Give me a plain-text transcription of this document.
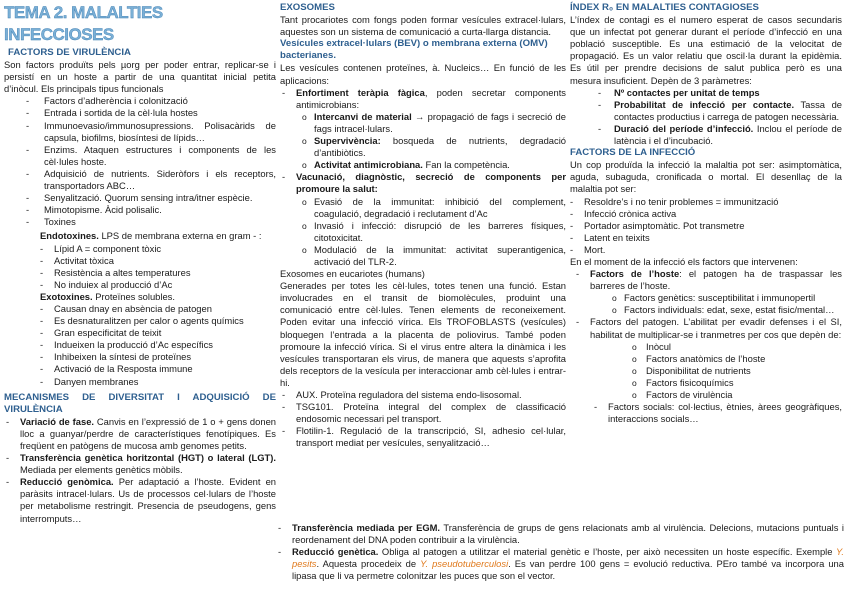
TEMA 2. MALALTIES INFECCIOSES

FACTORS DE VIRULÈNCIA

Son factors produïts pels µorg per poder entrar, replicar-se i persistí en un hoste a partir de una quantitat inicial petita d’inòcul. Els principals tipus funcionals

- Factors d’adherència i colonització
- Entrada i sortida de la cèl·lula hostes
- Immunoevasio/immunosupressions. Polisacàrids de capsula, biofilms, biosíntesi de lípids…
- Enzims. Ataquen estructures i components de les cèl·lules hoste.
- Adquisició de nutrients. Sideròfors i els receptors, transportadors ABC…
- Senyalització. Quorum sensing intra/itner espècie.
- Mimotopisme. Àcid polisalic.
- Toxines

Endotoxines. LPS de membrana externa en gram - :

- Lípid A = component tòxic
- Activitat tòxica
- Resistència a altes temperatures
- No induiex al producció d’Ac

Exotoxines. Proteïnes solubles.

- Causan dnay en absència de patogen
- Es desnaturalitzen per calor o agents químics
- Gran especificitat de teixit
- Indueixen la producció d’Ac específics
- Inhibeixen la síntesi de proteïnes
- Activació de la Resposta immune
- Danyen membranes

MECANISMES DE DIVERSITAT I ADQUISICIÓ DE VIRULÈNCIA

- Variació de fase. Canvis en l’expressió de 1 o + gens donen lloc a guanyar/perdre de característiques fenotípiques. Es freqüent en patògens de mucosa amb genomes petits.
- Transferència genètica horitzontal (HGT) o lateral (LGT). Mediada per elements genètics mòbils.
- Reducció genòmica. Per adaptació a l’hoste. Evident en paràsits intracel·lulars. Us de processos cel·lulars de l’hoste per metabolisme restringit. Presencia de pseudogens, gens interromputs…

EXOSOMES

Tant procariotes com fongs poden formar vesícules extracel·lulars, aquestes son un sistema de comunicació a curta-llarga distancia.

Vesícules extracel·lulars (BEV) o membrana externa (OMV) bacterianes.

Les vesícules contenen proteïnes, à. Nucleics… En funció de les aplicacions:

- Enfortiment teràpia fàgica, poden secretar components antimicrobians:
o Intercanvi de material → propagació de fags i secreció de fags intracel·lulars.
o Supervivència: bosqueda de nutrients, degradació d’antibiòtics.
o Activitat antimicrobiana. Fan la competència.
- Vacunació, diagnòstic, secreció de components per promoure la salut:
o Evasió de la immunitat: inhibició del complement, coagulació, degradació i reclutament d’Ac
o Invasió i infecció: disrupció de les barreres físiques, citotoxicitat.
o Modulació de la immunitat: activitat superantigenica, activació del TLR-2.

Exosomes en eucariotes (humans)

Generades per totes les cèl·lules, totes tenen una funció. Estan involucrades en el transit de biomolècules, produint una comunicació entre cèl·lules. Tenen elements de reconeixement. Poden evitar una infecció vírica. Els TROFOBLASTS (vesícules) bloquegen l’entrada a la placenta de poliovirus. També poden promoure la infecció vírica. Si el virus entre altera la dinàmica i les vesícules transportaran els virus, de manera que aquests s’aprofita dels receptors de la vesícula per interaccionar amb cèl·lules i entrar-hi.

- AUX. Proteïna reguladora del sistema endo-lisosomal.
- TSG101. Proteïna integral del complex de classificació endosomic necessari pel transport.
- Flotilin-1. Regulació de la transcripció, SI, adhesio cel·lular, transport mediat per vesícules, senyalització…

ÍNDEX R₀ EN MALALTIES CONTAGIOSES

L’índex de contagi es el numero esperat de casos secundaris que un infectat pot generar durant el període d’infecció en una població susceptible. Es una estimació de la velocitat de propagació. Es un valor relatiu que oscil·la durant la epidèmia. Es útil per prendre decisions de salut publica però es una mesura insuficient. Depèn de 3 paràmetres:

- Nº contactes per unitat de temps
- Probabilitat de infecció per contacte. Tassa de contactes productius i carrega de patogen necessària.
- Duració del període d’infecció. Inclou el període de latència i el d’incubació.

FACTORS DE LA INFECCIÓ

Un cop produïda la infecció la malaltia pot ser: asimptomàtica, aguda, subaguda, cronificada o mortal. El desenllaç de la malaltia pot ser:

- Resoldre’s i no tenir problemes = immunització
- Infecció crònica activa
- Portador asimptomàtic. Pot transmetre
- Latent en teixits
- Mort.

En el moment de la infecció els factors que intervenen:

- Factors de l’hoste: el patogen ha de traspassar les barreres de l’hoste.
o Factors genètics: susceptibilitat i immunopertil
o Factors individuals: edat, sexe, estat fisic/mental…
- Factors del patogen. L’abilitat per evadir defenses i el SI, habilitat de multiplicar-se i tranmetres per cos que depèn de:
o Inòcul
o Factors anatòmics de l’hoste
o Disponibilitat de nutrients
o Factors fisicoquímics
o Factors de virulència
- Factors socials: col·lectius, ètnies, àrees geogràfiques, interaccions socials…
- Transferència mediada per EGM. Transferència de grups de gens relacionats amb al virulència. Delecions, mutacions puntuals i reordenament del DNA poden contribuir a la virulència.
- Reducció genètica. Obliga al patogen a utilitzar el material genètic e l’hoste, per això necessiten un hoste específic. Exemple Y. pesits. Aquesta procedeix de Y. pseudotuberculosi. Es van perdre 100 gens = evolució reductiva. PEro també va incorpora una lipasa que li va permetre colonitzar les puces que son el vector.
